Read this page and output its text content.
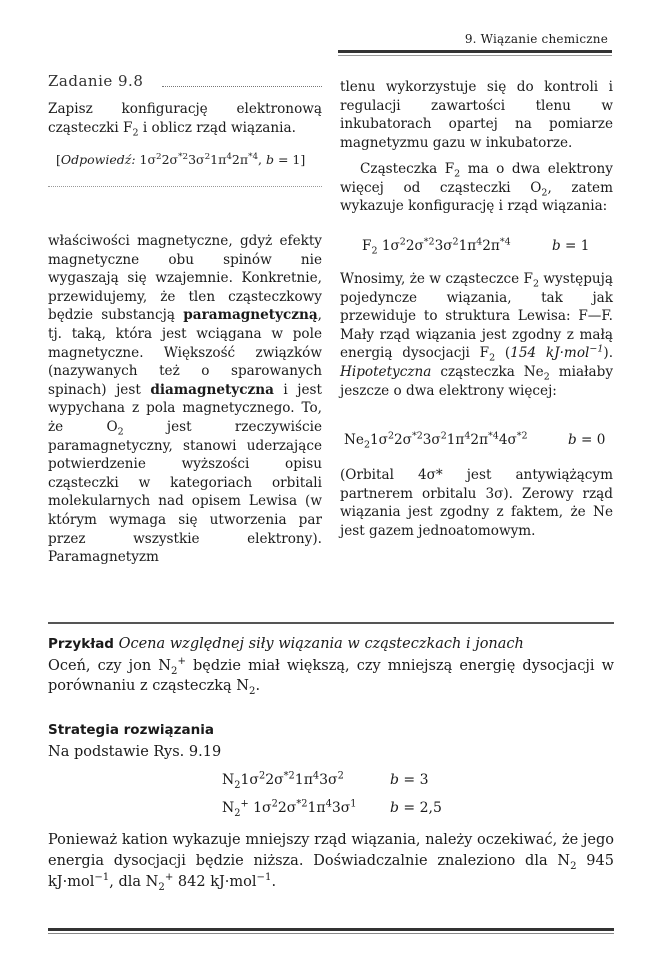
9. Wiązanie chemiczne
Zadanie 9.8
Zapisz konfigurację elektronową cząsteczki $F_2$ i oblicz rząd wiązania.
[Odpowiedź: $1\sigma^22\sigma^{*2}3\sigma^21\pi^42\pi^{*4}$, b = 1]
właściwości magnetyczne, gdyż efekty magnetyczne obu spinów nie wygaszają się wzajemnie. Konkretnie, przewidujemy, że tlen cząsteczkowy będzie substancją paramagnetyczną, tj. taką, która jest wciągana w pole magnetyczne. Większość związków (nazywanych też o sparowanych spinach) jest diamagnetyczna i jest wypychana z pola magnetycznego. To, że $O_2$ jest rzeczywiście paramagnetyczny, stanowi uderzające potwierdzenie wyższości opisu cząsteczki w kategoriach orbitali molekularnych nad opisem Lewisa (w którym wymaga się utworzenia par przez wszystkie elektrony). Paramagnetyzm
tlenu wykorzystuje się do kontroli i regulacji zawartości tlenu w inkubatorach opartej na pomiarze magnetyzmu gazu w inkubatorze.
Cząsteczka $F_2$ ma o dwa elektrony więcej od cząsteczki $O_2$, zatem wykazuje konfigurację i rząd wiązania:
$F_2$ $1\sigma^22\sigma^{*2}3\sigma^21\pi^42\pi^{*4}$	b = 1
Wnosimy, że w cząsteczce $F_2$ występują pojedyncze wiązania, tak jak przewiduje to struktura Lewisa: F—F. Mały rząd wiązania jest zgodny z małą energią dysocjacji $F_2$ (154 kJ·mol$^{-1}$). Hipotetyczna cząsteczka $Ne_2$ miałaby jeszcze o dwa elektrony więcej:
$Ne_21\sigma^22\sigma^{*2}3\sigma^21\pi^42\pi^{*4}4\sigma^{*2}$	b = 0
(Orbital 4σ* jest antywiążącym partnerem orbitalu 3σ). Zerowy rząd wiązania jest zgodny z faktem, że Ne jest gazem jednoatomowym.
Przykład Ocena względnej siły wiązania w cząsteczkach i jonach
Oceń, czy jon $N_2^+$ będzie miał większą, czy mniejszą energię dysocjacji w porównaniu z cząsteczką $N_2$.
Strategia rozwiązania
Na podstawie Rys. 9.19
$N_21\sigma^22\sigma^{*2}1\pi^43\sigma^2$	b = 3
$N_2^+$ $1\sigma^22\sigma^{*2}1\pi^43\sigma^1$ b = 2,5
Ponieważ kation wykazuje mniejszy rząd wiązania, należy oczekiwać, że jego energia dysocjacji będzie niższa. Doświadczalnie znaleziono dla $N_2$ 945 kJ·mol$^{-1}$, dla $N_2^+$ 842 kJ·mol$^{-1}$.
